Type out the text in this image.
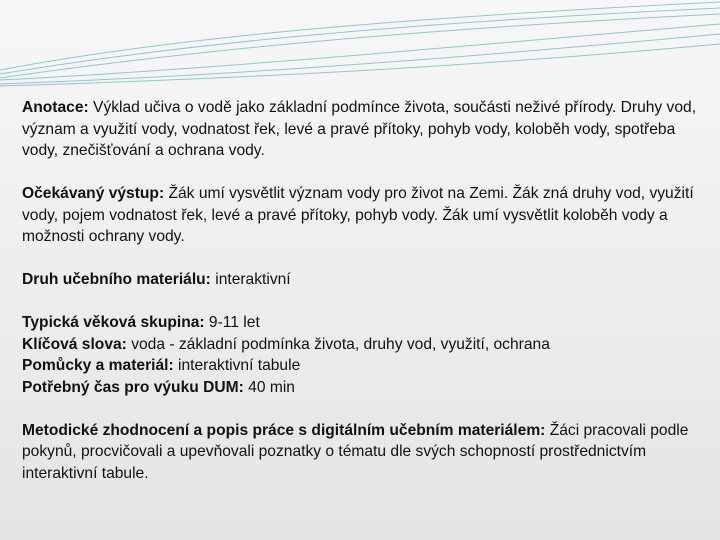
Anotace: Výklad učiva o vodě jako základní podmínce života, součásti neživé přírody. Druhy vod, význam a využití vody, vodnatost řek, levé a pravé přítoky, pohyb vody, koloběh vody, spotřeba vody, znečišťování a ochrana vody.

Očekávaný výstup: Žák umí vysvětlit význam vody pro život na Zemi. Žák zná druhy vod, využití vody, pojem vodnatost řek, levé a pravé přítoky, pohyb vody. Žák umí vysvětlit koloběh vody a možnosti ochrany vody.

Druh učebního materiálu: interaktivní

Typická věková skupina: 9-11 let

Klíčová slova: voda - základní podmínka života, druhy vod, využití, ochrana

Pomůcky a materiál: interaktivní tabule

Potřebný čas pro výuku DUM: 40 min

Metodické zhodnocení a popis práce s digitálním učebním materiálem: Žáci pracovali podle pokynů, procvičovali a upevňovali poznatky o tématu dle svých schopností prostřednictvím interaktivní tabule.
